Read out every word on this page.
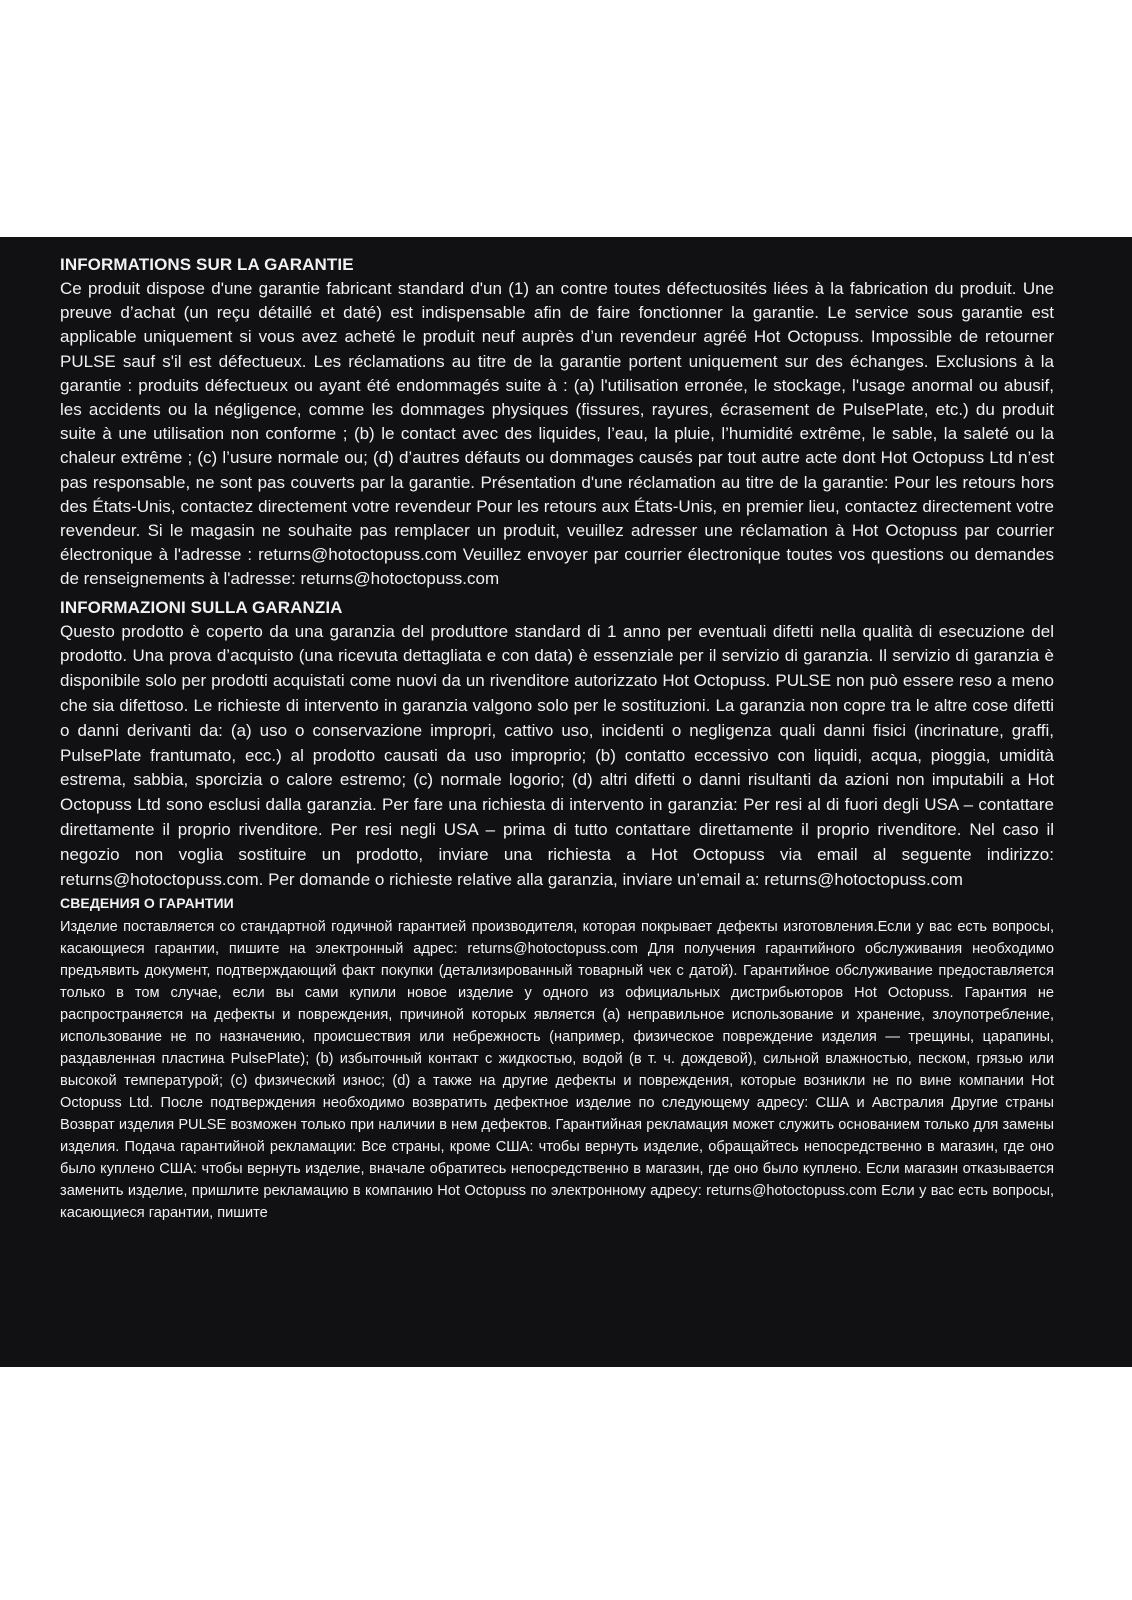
INFORMATIONS SUR LA GARANTIE

Ce produit dispose d'une garantie fabricant standard d'un (1) an contre toutes défectuosités liées à la fabrication du produit. Une preuve d’achat (un reçu détaillé et daté) est indispensable afin de faire fonctionner la garantie. Le service sous garantie est applicable uniquement si vous avez acheté le produit neuf auprès d’un revendeur agréé Hot Octopuss. Impossible de retourner PULSE sauf s'il est défectueux. Les réclamations au titre de la garantie portent uniquement sur des échanges. Exclusions à la garantie : produits défectueux ou ayant été endommagés suite à : (a) l'utilisation erronée, le stockage, l'usage anormal ou abusif, les accidents ou la négligence, comme les dommages physiques (fissures, rayures, écrasement de PulsePlate, etc.) du produit suite à une utilisation non conforme ; (b) le contact avec des liquides, l’eau, la pluie, l’humidité extrême, le sable, la saleté ou la chaleur extrême ; (c) l’usure normale ou; (d) d’autres défauts ou dommages causés par tout autre acte dont Hot Octopuss Ltd n’est pas responsable, ne sont pas couverts par la garantie. Présentation d'une réclamation au titre de la garantie: Pour les retours hors des États-Unis, contactez directement votre revendeur Pour les retours aux États-Unis, en premier lieu, contactez directement votre revendeur. Si le magasin ne souhaite pas remplacer un produit, veuillez adresser une réclamation à Hot Octopuss par courrier électronique à l'adresse : returns@hotoctopuss.com Veuillez envoyer par courrier électronique toutes vos questions ou demandes de renseignements à l'adresse: returns@hotoctopuss.com

INFORMAZIONI SULLA GARANZIA

Questo prodotto è coperto da una garanzia del produttore standard di 1 anno per eventuali difetti nella qualità di esecuzione del prodotto. Una prova d’acquisto (una ricevuta dettagliata e con data) è essenziale per il servizio di garanzia. Il servizio di garanzia è disponibile solo per prodotti acquistati come nuovi da un rivenditore autorizzato Hot Octopuss. PULSE non può essere reso a meno che sia difettoso. Le richieste di intervento in garanzia valgono solo per le sostituzioni. La garanzia non copre tra le altre cose difetti o danni derivanti da: (a) uso o conservazione impropri, cattivo uso, incidenti o negligenza quali danni fisici (incrinature, graffi, PulsePlate frantumato, ecc.) al prodotto causati da uso improprio; (b) contatto eccessivo con liquidi, acqua, pioggia, umidità estrema, sabbia, sporcizia o calore estremo; (c) normale logorio; (d) altri difetti o danni risultanti da azioni non imputabili a Hot Octopuss Ltd sono esclusi dalla garanzia. Per fare una richiesta di intervento in garanzia: Per resi al di fuori degli USA – contattare direttamente il proprio rivenditore. Per resi negli USA – prima di tutto contattare direttamente il proprio rivenditore. Nel caso il negozio non voglia sostituire un prodotto, inviare una richiesta a Hot Octopuss via email al seguente indirizzo: returns@hotoctopuss.com. Per domande o richieste relative alla garanzia, inviare un’email a: returns@hotoctopuss.com

СВЕДЕНИЯ О ГАРАНТИИ

Изделие поставляется со стандартной годичной гарантией производителя, которая покрывает дефекты изготовления.Если у вас есть вопросы, касающиеся гарантии, пишите на электронный адрес: returns@hotoctopuss.com Для получения гарантийного обслуживания необходимо предъявить документ, подтверждающий факт покупки (детализированный товарный чек с датой). Гарантийное обслуживание предоставляется только в том случае, если вы сами купили новое изделие у одного из официальных дистрибьюторов Hot Octopuss. Гарантия не распространяется на дефекты и повреждения, причиной которых является (a) неправильное использование и хранение, злоупотребление, использование не по назначению, происшествия или небрежность (например, физическое повреждение изделия — трещины, царапины, раздавленная пластина PulsePlate); (b) избыточный контакт с жидкостью, водой (в т. ч. дождевой), сильной влажностью, песком, грязью или высокой температурой; (c) физический износ; (d) а также на другие дефекты и повреждения, которые возникли не по вине компании Hot Octopuss Ltd. После подтверждения необходимо возвратить дефектное изделие по следующему адресу: США и Австралия Другие страны Возврат изделия PULSE возможен только при наличии в нем дефектов. Гарантийная рекламация может служить основанием только для замены изделия. Подача гарантийной рекламации: Все страны, кроме США: чтобы вернуть изделие, обращайтесь непосредственно в магазин, где оно было куплено США: чтобы вернуть изделие, вначале обратитесь непосредственно в магазин, где оно было куплено. Если магазин отказывается заменить изделие, пришлите рекламацию в компанию Hot Octopuss по электронному адресу: returns@hotoctopuss.com Если у вас есть вопросы, касающиеся гарантии, пишите
